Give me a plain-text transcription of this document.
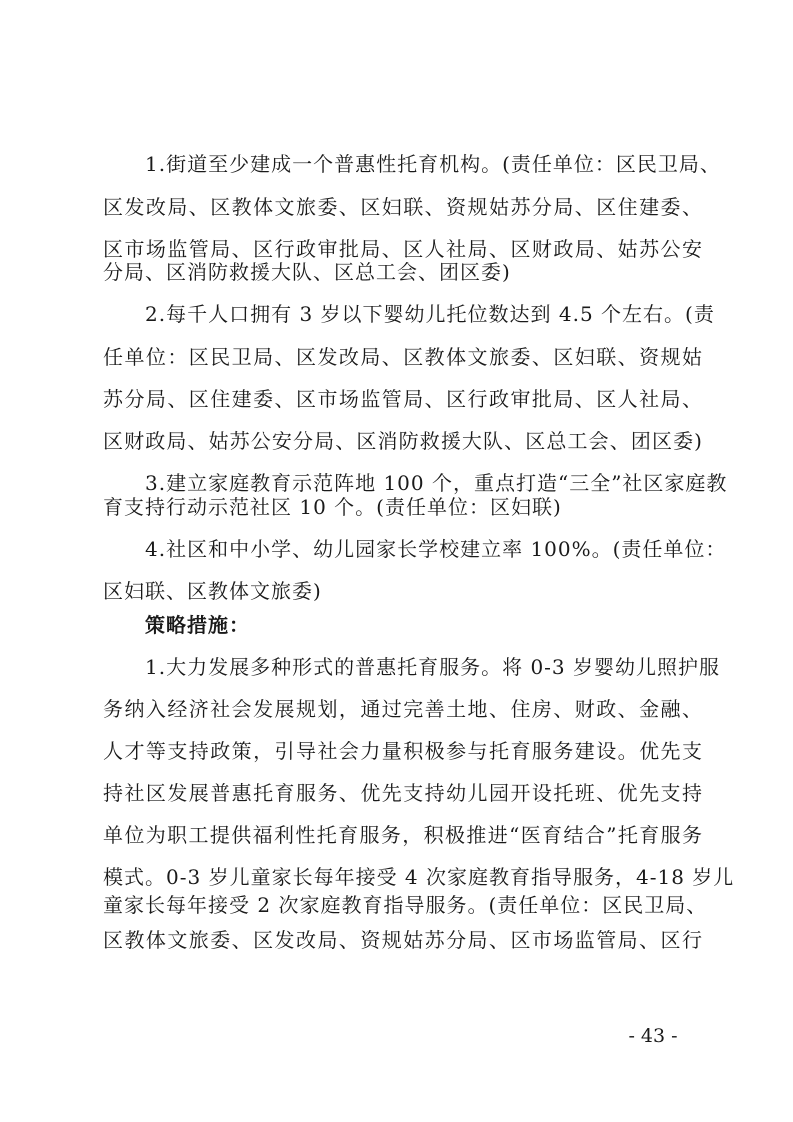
1.街道至少建成一个普惠性托育机构。(责任单位：区民卫局、
区发改局、区教体文旅委、区妇联、资规姑苏分局、区住建委、
区市场监管局、区行政审批局、区人社局、区财政局、姑苏公安
分局、区消防救援大队、区总工会、团区委)
2.每千人口拥有 3 岁以下婴幼儿托位数达到 4.5 个左右。(责
任单位：区民卫局、区发改局、区教体文旅委、区妇联、资规姑
苏分局、区住建委、区市场监管局、区行政审批局、区人社局、
区财政局、姑苏公安分局、区消防救援大队、区总工会、团区委)
3.建立家庭教育示范阵地 100 个，重点打造“三全”社区家庭教
育支持行动示范社区 10 个。(责任单位：区妇联)
4.社区和中小学、幼儿园家长学校建立率 100%。(责任单位：
区妇联、区教体文旅委)
策略措施：
1.大力发展多种形式的普惠托育服务。将 0-3 岁婴幼儿照护服
务纳入经济社会发展规划，通过完善土地、住房、财政、金融、
人才等支持政策，引导社会力量积极参与托育服务建设。优先支
持社区发展普惠托育服务、优先支持幼儿园开设托班、优先支持
单位为职工提供福利性托育服务，积极推进“医育结合”托育服务
模式。0-3 岁儿童家长每年接受 4 次家庭教育指导服务，4-18 岁儿
童家长每年接受 2 次家庭教育指导服务。(责任单位：区民卫局、
区教体文旅委、区发改局、资规姑苏分局、区市场监管局、区行
- 43 -
